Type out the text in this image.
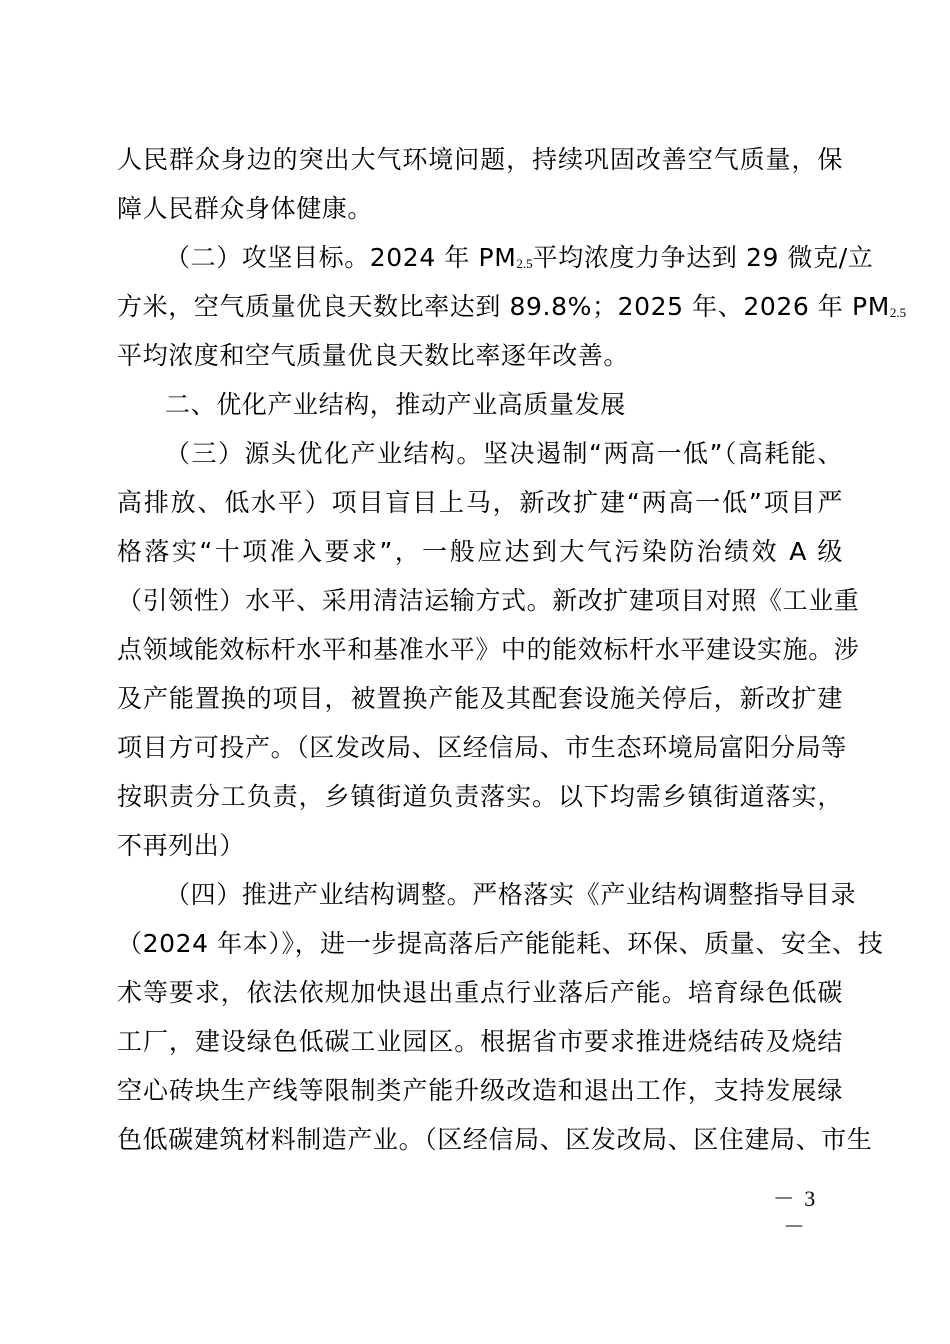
人民群众身边的突出大气环境问题，持续巩固改善空气质量，保
障人民群众身体健康。
（二）攻坚目标。2024 年 PM2.5平均浓度力争达到 29 微克/立
方米，空气质量优良天数比率达到 89.8%；2025 年、2026 年 PM2.5
平均浓度和空气质量优良天数比率逐年改善。
二、优化产业结构，推动产业高质量发展
（三）源头优化产业结构。坚决遏制“两高一低”（高耗能、
高排放、低水平）项目盲目上马，新改扩建“两高一低”项目严
格落实“十项准入要求”，一般应达到大气污染防治绩效 A 级
（引领性）水平、采用清洁运输方式。新改扩建项目对照《工业重
点领域能效标杆水平和基准水平》中的能效标杆水平建设实施。涉
及产能置换的项目，被置换产能及其配套设施关停后，新改扩建
项目方可投产。（区发改局、区经信局、市生态环境局富阳分局等
按职责分工负责，乡镇街道负责落实。以下均需乡镇街道落实，
不再列出）
（四）推进产业结构调整。严格落实《产业结构调整指导目录
（2024 年本）》，进一步提高落后产能能耗、环保、质量、安全、技
术等要求，依法依规加快退出重点行业落后产能。培育绿色低碳
工厂，建设绿色低碳工业园区。根据省市要求推进烧结砖及烧结
空心砖块生产线等限制类产能升级改造和退出工作，支持发展绿
色低碳建筑材料制造产业。（区经信局、区发改局、区住建局、市生
－ 3 －
